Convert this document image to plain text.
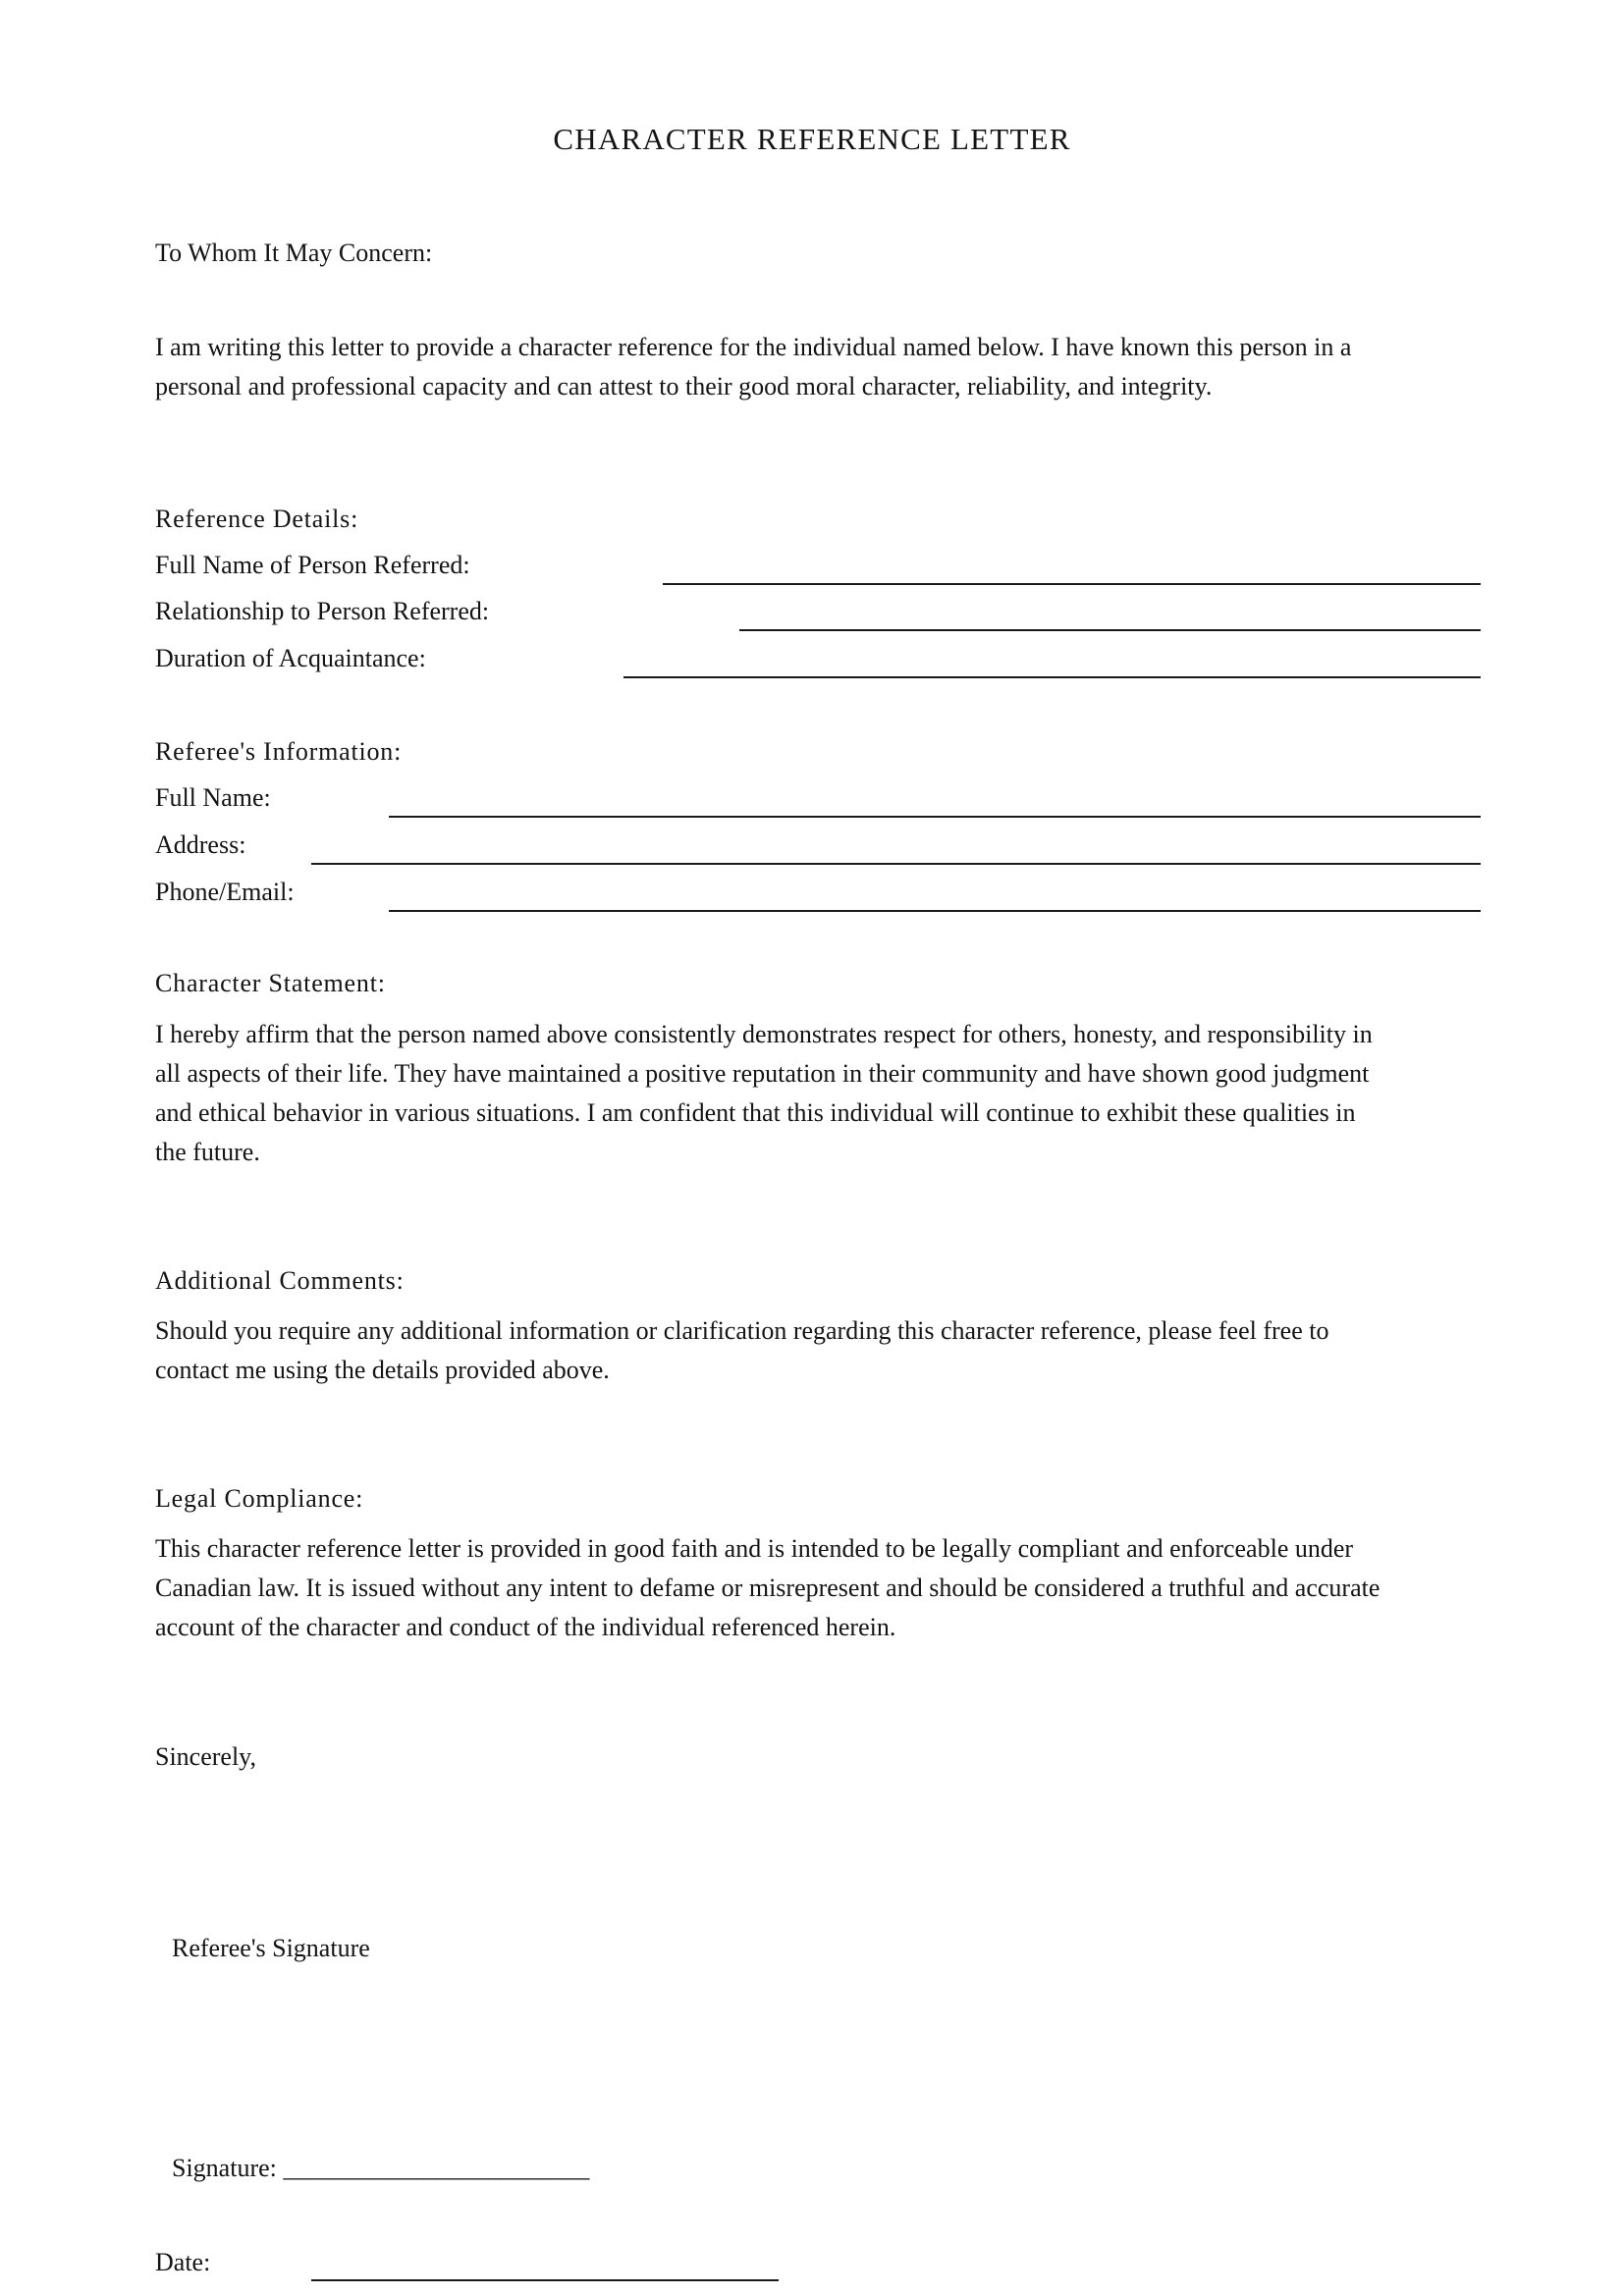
CHARACTER REFERENCE LETTER

To Whom It May Concern:

I am writing this letter to provide a character reference for the individual named below. I have known this person in a

personal and professional capacity and can attest to their good moral character, reliability, and integrity.

Reference Details:

Full Name of Person Referred:

Relationship to Person Referred:

Duration of Acquaintance:

Referee's Information:

Full Name:

Address:

Phone/Email:

Character Statement:

I hereby affirm that the person named above consistently demonstrates respect for others, honesty, and responsibility in

all aspects of their life. They have maintained a positive reputation in their community and have shown good judgment

and ethical behavior in various situations. I am confident that this individual will continue to exhibit these qualities in

the future.

Additional Comments:

Should you require any additional information or clarification regarding this character reference, please feel free to

contact me using the details provided above.

Legal Compliance:

This character reference letter is provided in good faith and is intended to be legally compliant and enforceable under

Canadian law. It is issued without any intent to defame or misrepresent and should be considered a truthful and accurate

account of the character and conduct of the individual referenced herein.

Sincerely,

Referee's Signature

Signature: ________________________

Date:
